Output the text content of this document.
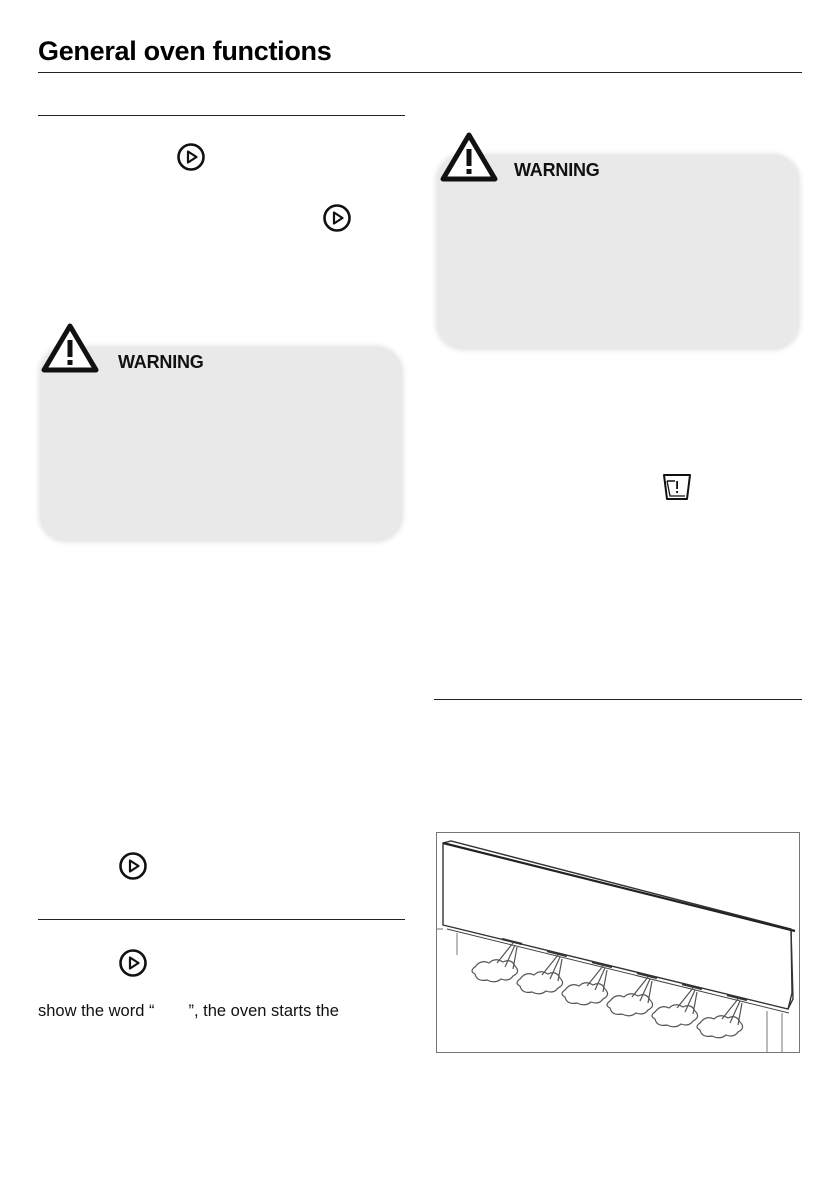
General oven functions
WARNING
WARNING
show the word “ ”, the oven starts the
